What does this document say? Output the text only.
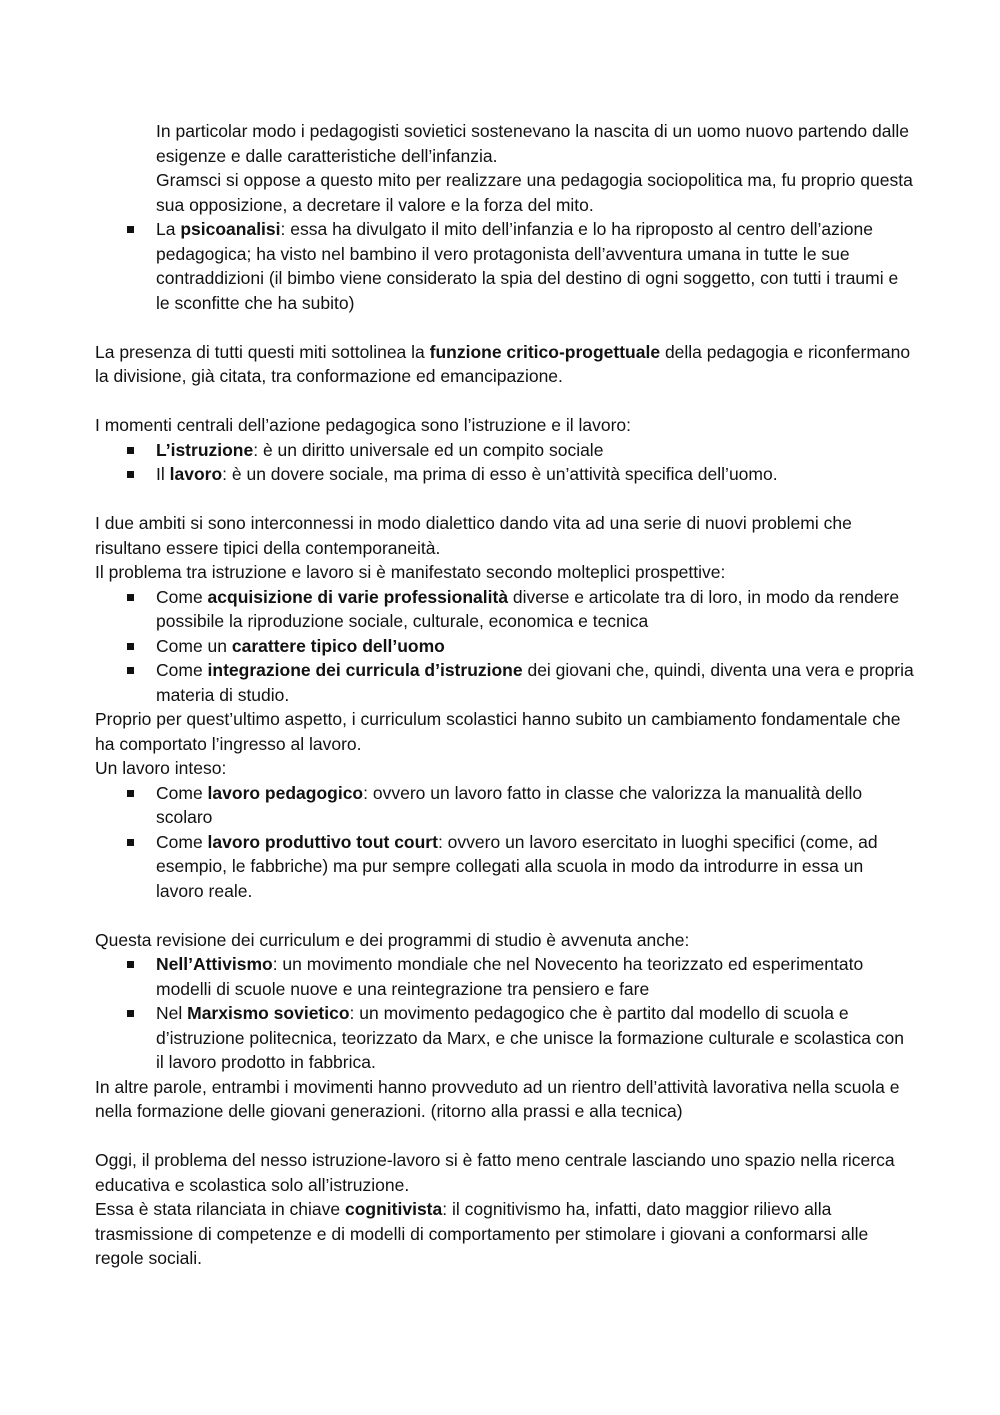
In particolar modo i pedagogisti sovietici sostenevano la nascita di un uomo nuovo partendo dalle esigenze e dalle caratteristiche dell’infanzia.

Gramsci si oppose a questo mito per realizzare una pedagogia sociopolitica ma, fu proprio questa sua opposizione, a decretare il valore e la forza del mito.

La psicoanalisi: essa ha divulgato il mito dell’infanzia e lo ha riproposto al centro dell’azione pedagogica; ha visto nel bambino il vero protagonista dell’avventura umana in tutte le sue contraddizioni (il bimbo viene considerato la spia del destino di ogni soggetto, con tutti i traumi e le sconfitte che ha subito)

La presenza di tutti questi miti sottolinea la funzione critico-progettuale della pedagogia e riconfermano la divisione, già citata, tra conformazione ed emancipazione.

I momenti centrali dell’azione pedagogica sono l’istruzione e il lavoro:

L’istruzione: è un diritto universale ed un compito sociale
Il lavoro: è un dovere sociale, ma prima di esso è un’attività specifica dell’uomo.

I due ambiti si sono interconnessi in modo dialettico dando vita ad una serie di nuovi problemi che risultano essere tipici della contemporaneità.

Il problema tra istruzione e lavoro si è manifestato secondo molteplici prospettive:

Come acquisizione di varie professionalità diverse e articolate tra di loro, in modo da rendere possibile la riproduzione sociale, culturale, economica e tecnica
Come un carattere tipico dell’uomo
Come integrazione dei curricula d’istruzione dei giovani che, quindi, diventa una vera e propria materia di studio.

Proprio per quest’ultimo aspetto, i curriculum scolastici hanno subito un cambiamento fondamentale che ha comportato l’ingresso al lavoro.

Un lavoro inteso:

Come lavoro pedagogico: ovvero un lavoro fatto in classe che valorizza la manualità dello scolaro
Come lavoro produttivo tout court: ovvero un lavoro esercitato in luoghi specifici (come, ad esempio, le fabbriche) ma pur sempre collegati alla scuola in modo da introdurre in essa un lavoro reale.

Questa revisione dei curriculum e dei programmi di studio è avvenuta anche:

Nell’Attivismo: un movimento mondiale che nel Novecento ha teorizzato ed esperimentato modelli di scuole nuove e una reintegrazione tra pensiero e fare
Nel Marxismo sovietico: un movimento pedagogico che è partito dal modello di scuola e d’istruzione politecnica, teorizzato da Marx, e che unisce la formazione culturale e scolastica con il lavoro prodotto in fabbrica.

In altre parole, entrambi i movimenti hanno provveduto ad un rientro dell’attività lavorativa nella scuola e nella formazione delle giovani generazioni. (ritorno alla prassi e alla tecnica)

Oggi, il problema del nesso istruzione-lavoro si è fatto meno centrale lasciando uno spazio nella ricerca educativa e scolastica solo all’istruzione.

Essa è stata rilanciata in chiave cognitivista: il cognitivismo ha, infatti, dato maggior rilievo alla trasmissione di competenze e di modelli di comportamento per stimolare i giovani a conformarsi alle regole sociali.
